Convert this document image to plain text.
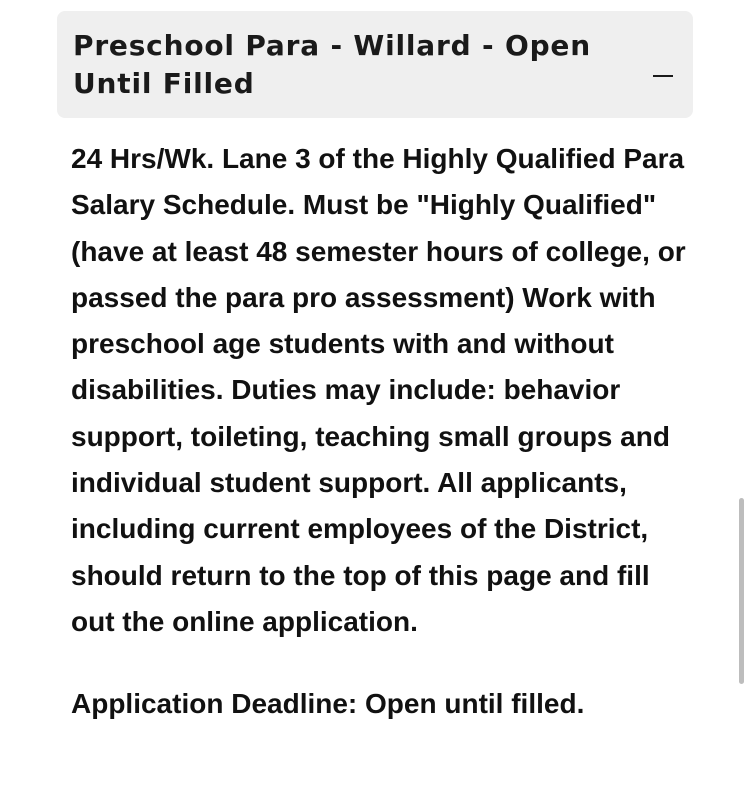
Preschool Para - Willard - Open Until Filled

24 Hrs/Wk. Lane 3 of the Highly Qualified Para Salary Schedule. Must be "Highly Qualified" (have at least 48 semester hours of college, or passed the para pro assessment) Work with preschool age students with and without disabilities. Duties may include: behavior support, toileting, teaching small groups and individual student support. All applicants, including current employees of the District, should return to the top of this page and fill out the online application.

Application Deadline: Open until filled.
